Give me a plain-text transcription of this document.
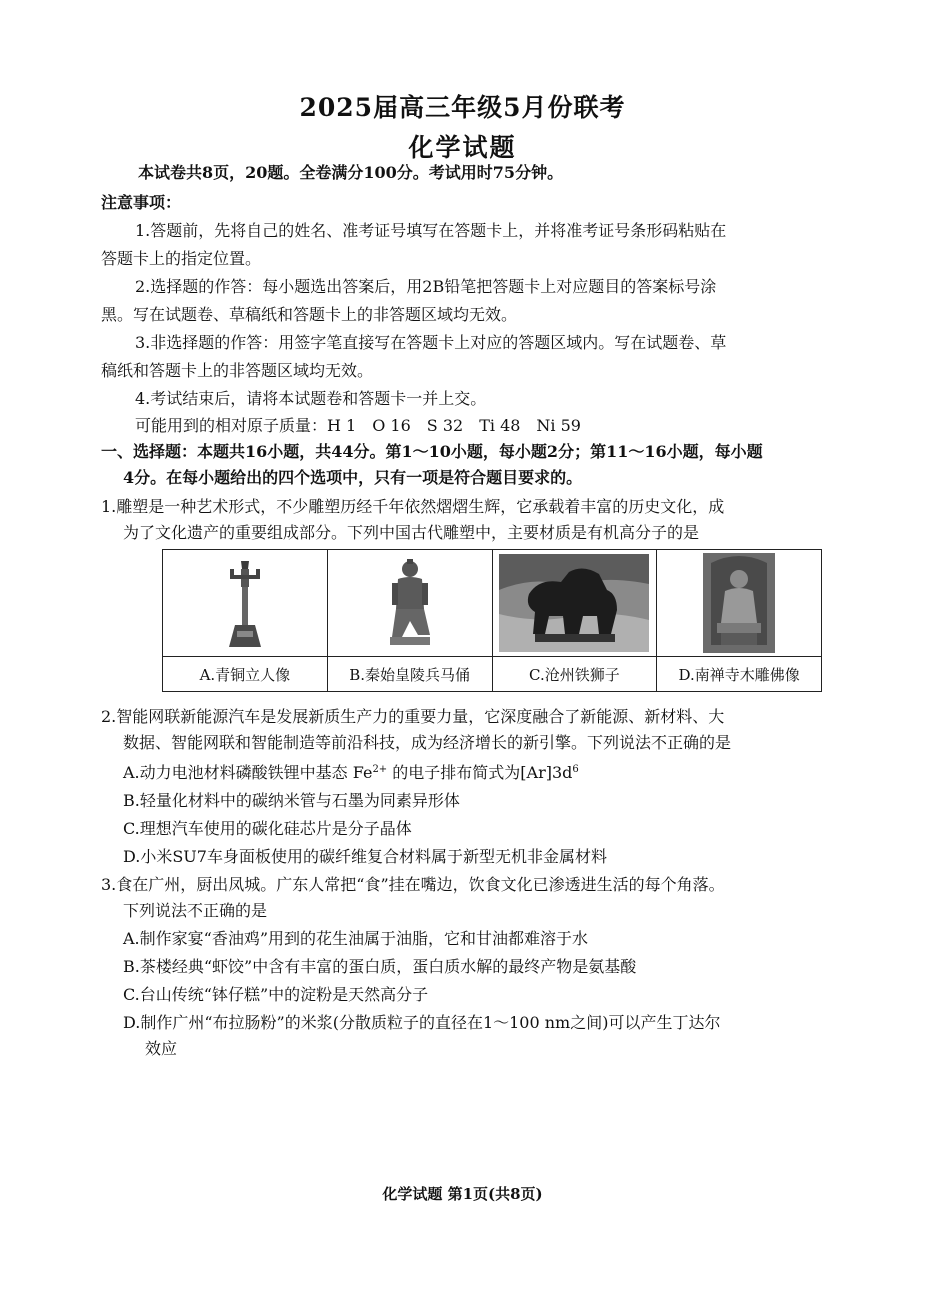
2025届高三年级5月份联考
化学试题
本试卷共8页，20题。全卷满分100分。考试用时75分钟。
注意事项：
1.答题前，先将自己的姓名、准考证号填写在答题卡上，并将准考证号条形码粘贴在
答题卡上的指定位置。
2.选择题的作答：每小题选出答案后，用2B铅笔把答题卡上对应题目的答案标号涂
黑。写在试题卷、草稿纸和答题卡上的非答题区域均无效。
3.非选择题的作答：用签字笔直接写在答题卡上对应的答题区域内。写在试题卷、草
稿纸和答题卡上的非答题区域均无效。
4.考试结束后，请将本试题卷和答题卡一并上交。
可能用到的相对原子质量：H 1　O 16　S 32　Ti 48　Ni 59
一、选择题：本题共16小题，共44分。第1～10小题，每小题2分；第11～16小题，每小题
4分。在每小题给出的四个选项中，只有一项是符合题目要求的。
1.雕塑是一种艺术形式，不少雕塑历经千年依然熠熠生辉，它承载着丰富的历史文化，成
为了文化遗产的重要组成部分。下列中国古代雕塑中，主要材质是有机高分子的是
A.青铜立人像	B.秦始皇陵兵马俑	C.沧州铁狮子	D.南禅寺木雕佛像
2.智能网联新能源汽车是发展新质生产力的重要力量，它深度融合了新能源、新材料、大
数据、智能网联和智能制造等前沿科技，成为经济增长的新引擎。下列说法不正确的是
A.动力电池材料磷酸铁锂中基态 $Fe^{2+}$ 的电子排布简式为$[Ar]3d^6$
B.轻量化材料中的碳纳米管与石墨为同素异形体
C.理想汽车使用的碳化硅芯片是分子晶体
D.小米SU7车身面板使用的碳纤维复合材料属于新型无机非金属材料
3.食在广州，厨出凤城。广东人常把“食”挂在嘴边，饮食文化已渗透进生活的每个角落。
下列说法不正确的是
A.制作家宴“香油鸡”用到的花生油属于油脂，它和甘油都难溶于水
B.茶楼经典“虾饺”中含有丰富的蛋白质，蛋白质水解的最终产物是氨基酸
C.台山传统“钵仔糕”中的淀粉是天然高分子
D.制作广州“布拉肠粉”的米浆(分散质粒子的直径在1～100 nm之间)可以产生丁达尔
效应
化学试题 第1页(共8页)
